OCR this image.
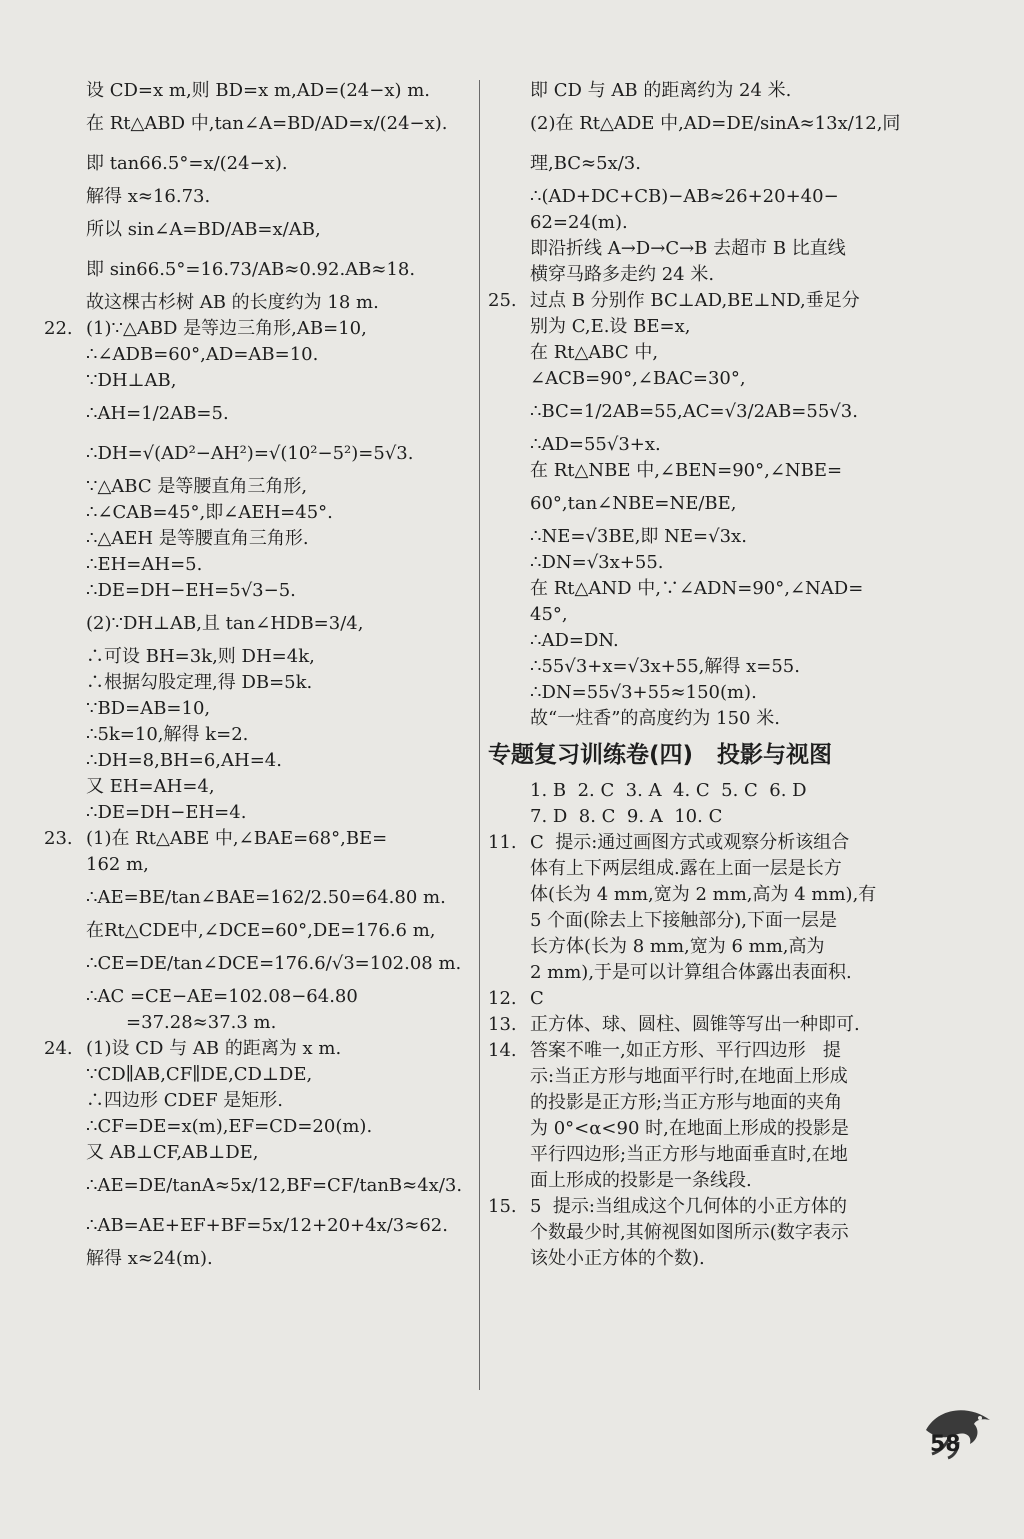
设 CD=x m,则 BD=x m,AD=(24−x) m.
在 Rt△ABD 中,tan∠A=BD/AD=x/(24−x).
即 tan66.5°=x/(24−x).
解得 x≈16.73.
所以 sin∠A=BD/AB=x/AB,
即 sin66.5°=16.73/AB≈0.92.AB≈18.
故这棵古杉树 AB 的长度约为 18 m.
22. (1)∵△ABD 是等边三角形,AB=10,
∴∠ADB=60°,AD=AB=10.
∵DH⊥AB,
∴AH=1/2AB=5.
∴DH=√(AD²−AH²)=√(10²−5²)=5√3.
∵△ABC 是等腰直角三角形,
∴∠CAB=45°,即∠AEH=45°.
∴△AEH 是等腰直角三角形.
∴EH=AH=5.
∴DE=DH−EH=5√3−5.
(2)∵DH⊥AB,且 tan∠HDB=3/4,
∴可设 BH=3k,则 DH=4k,
∴根据勾股定理,得 DB=5k.
∵BD=AB=10,
∴5k=10,解得 k=2.
∴DH=8,BH=6,AH=4.
又 EH=AH=4,
∴DE=DH−EH=4.
23. (1)在 Rt△ABE 中,∠BAE=68°,BE=
162 m,
∴AE=BE/tan∠BAE=162/2.50=64.80 m.
在Rt△CDE中,∠DCE=60°,DE=176.6 m,
∴CE=DE/tan∠DCE=176.6/√3=102.08 m.
∴AC =CE−AE=102.08−64.80
=37.28≈37.3 m.
24. (1)设 CD 与 AB 的距离为 x m.
∵CD∥AB,CF∥DE,CD⊥DE,
∴四边形 CDEF 是矩形.
∴CF=DE=x(m),EF=CD=20(m).
又 AB⊥CF,AB⊥DE,
∴AE=DE/tanA≈5x/12,BF=CF/tanB≈4x/3.
∴AB=AE+EF+BF=5x/12+20+4x/3≈62.
解得 x≈24(m).
即 CD 与 AB 的距离约为 24 米.
(2)在 Rt△ADE 中,AD=DE/sinA≈13x/12,同
理,BC≈5x/3.
∴(AD+DC+CB)−AB≈26+20+40−
62=24(m).
即沿折线 A→D→C→B 去超市 B 比直线
横穿马路多走约 24 米.
25. 过点 B 分别作 BC⊥AD,BE⊥ND,垂足分
别为 C,E.设 BE=x,
在 Rt△ABC 中,
∠ACB=90°,∠BAC=30°,
∴BC=1/2AB=55,AC=√3/2AB=55√3.
∴AD=55√3+x.
在 Rt△NBE 中,∠BEN=90°,∠NBE=
60°,tan∠NBE=NE/BE,
∴NE=√3BE,即 NE=√3x.
∴DN=√3x+55.
在 Rt△AND 中,∵∠ADN=90°,∠NAD=
45°,
∴AD=DN.
∴55√3+x=√3x+55,解得 x=55.
∴DN=55√3+55≈150(m).
故“一炷香”的高度约为 150 米.
专题复习训练卷(四)   投影与视图
1. B  2. C  3. A  4. C  5. C  6. D
7. D  8. C  9. A  10. C
11. C  提示:通过画图方式或观察分析该组合
体有上下两层组成.露在上面一层是长方
体(长为 4 mm,宽为 2 mm,高为 4 mm),有
5 个面(除去上下接触部分),下面一层是
长方体(长为 8 mm,宽为 6 mm,高为
2 mm),于是可以计算组合体露出表面积.
12. C
13. 正方体、球、圆柱、圆锥等写出一种即可.
14. 答案不唯一,如正方形、平行四边形   提
示:当正方形与地面平行时,在地面上形成
的投影是正方形;当正方形与地面的夹角
为 0°<α<90 时,在地面上形成的投影是
平行四边形;当正方形与地面垂直时,在地
面上形成的投影是一条线段.
15. 5  提示:当组成这个几何体的小正方体的
个数最少时,其俯视图如图所示(数字表示
该处小正方体的个数).
58
